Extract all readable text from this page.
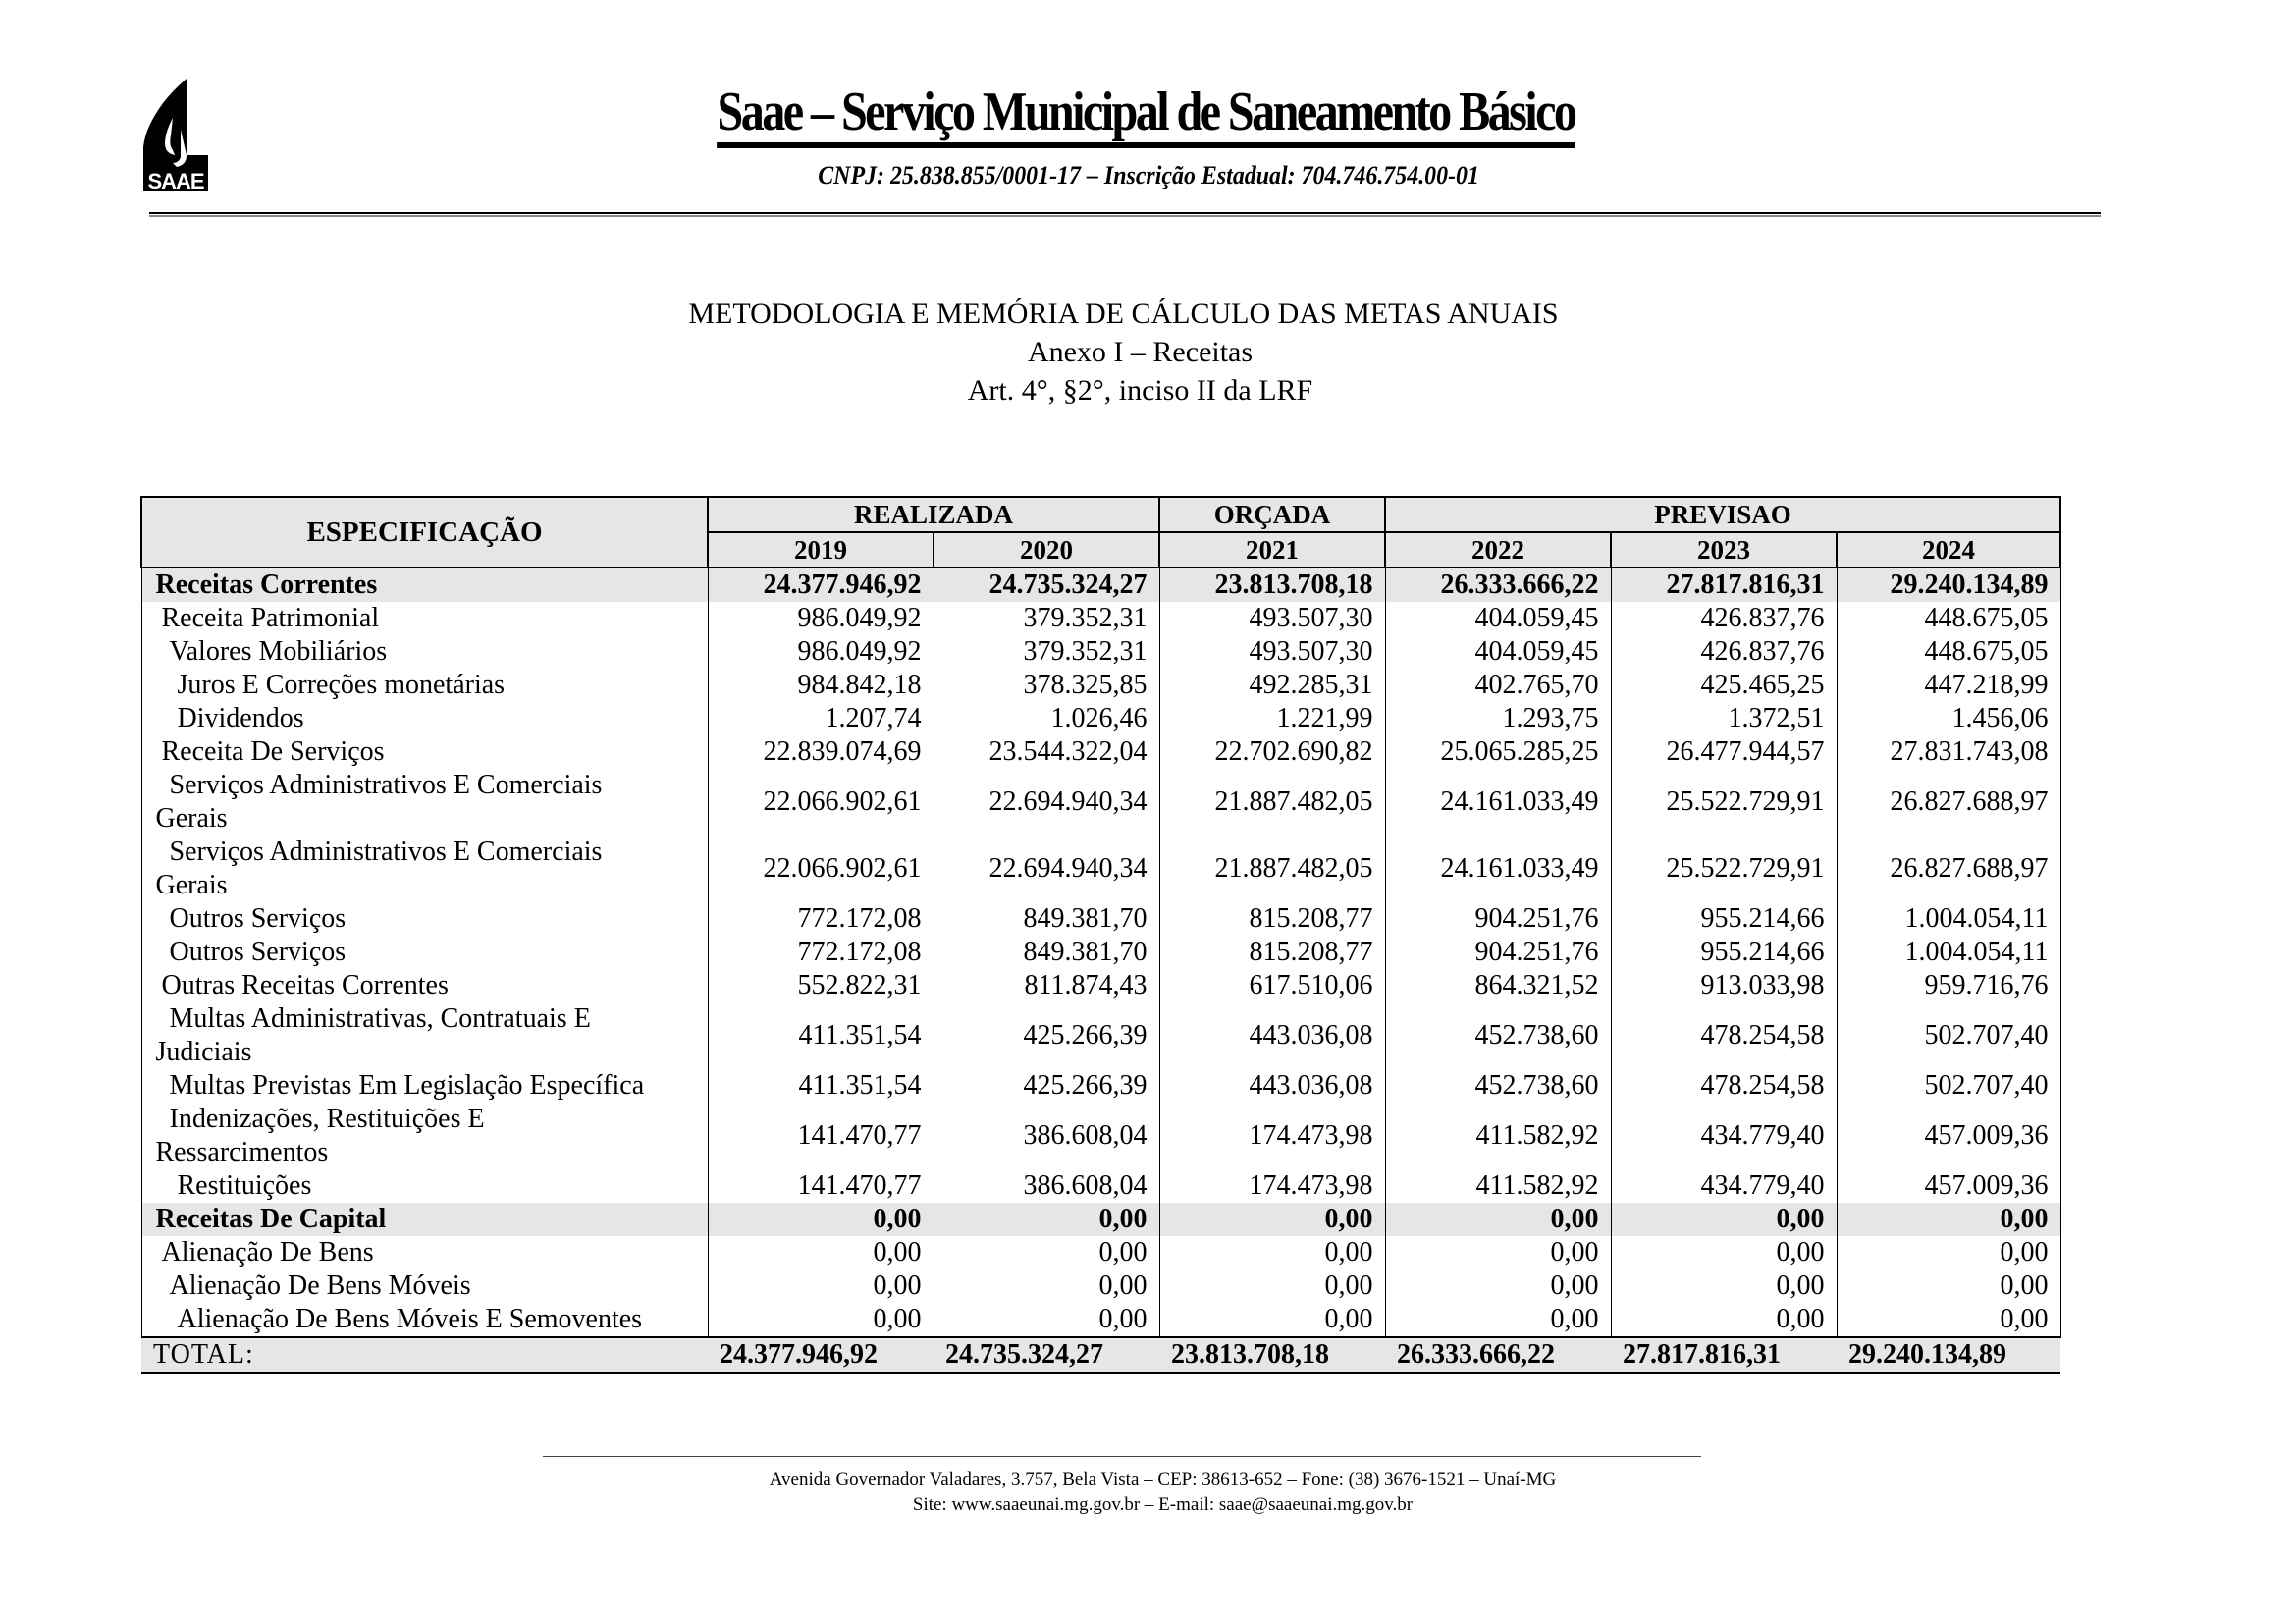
SAAE
Saae – Serviço Municipal de Saneamento Básico
CNPJ: 25.838.855/0001-17 – Inscrição Estadual: 704.746.754.00-01
METODOLOGIA E MEMÓRIA DE CÁLCULO DAS METAS ANUAIS
Anexo I – Receitas
Art. 4°, §2°, inciso II da LRF
ESPECIFICAÇÃO	REALIZADA		ORÇADA	PREVISAO		
	2019	2020	2021	2022	2023	2024
Receitas Correntes	24.377.946,92	24.735.324,27	23.813.708,18	26.333.666,22	27.817.816,31	29.240.134,89
Receita Patrimonial	986.049,92	379.352,31	493.507,30	404.059,45	426.837,76	448.675,05
Valores Mobiliários	986.049,92	379.352,31	493.507,30	404.059,45	426.837,76	448.675,05
Juros E Correções monetárias	984.842,18	378.325,85	492.285,31	402.765,70	425.465,25	447.218,99
Dividendos	1.207,74	1.026,46	1.221,99	1.293,75	1.372,51	1.456,06
Receita De Serviços	22.839.074,69	23.544.322,04	22.702.690,82	25.065.285,25	26.477.944,57	27.831.743,08

Serviços Administrativos E Comerciais
Gerais	22.066.902,61	22.694.940,34	21.887.482,05	24.161.033,49	25.522.729,91	26.827.688,97

Serviços Administrativos E Comerciais
Gerais	22.066.902,61	22.694.940,34	21.887.482,05	24.161.033,49	25.522.729,91	26.827.688,97
Outros Serviços	772.172,08	849.381,70	815.208,77	904.251,76	955.214,66	1.004.054,11
Outros Serviços	772.172,08	849.381,70	815.208,77	904.251,76	955.214,66	1.004.054,11
Outras Receitas Correntes	552.822,31	811.874,43	617.510,06	864.321,52	913.033,98	959.716,76

Multas Administrativas, Contratuais E
Judiciais	411.351,54	425.266,39	443.036,08	452.738,60	478.254,58	502.707,40
Multas Previstas Em Legislação Específica	411.351,54	425.266,39	443.036,08	452.738,60	478.254,58	502.707,40

Indenizações, Restituições E
Ressarcimentos	141.470,77	386.608,04	174.473,98	411.582,92	434.779,40	457.009,36
Restituições	141.470,77	386.608,04	174.473,98	411.582,92	434.779,40	457.009,36
Receitas De Capital	0,00	0,00	0,00	0,00	0,00	0,00
Alienação De Bens	0,00	0,00	0,00	0,00	0,00	0,00
Alienação De Bens Móveis	0,00	0,00	0,00	0,00	0,00	0,00
Alienação De Bens Móveis E Semoventes	0,00	0,00	0,00	0,00	0,00	0,00
TOTAL:	24.377.946,92	24.735.324,27	23.813.708,18	26.333.666,22	27.817.816,31	29.240.134,89
Avenida Governador Valadares, 3.757, Bela Vista – CEP: 38613-652 – Fone: (38) 3676-1521 – Unaí-MG
Site: www.saaeunai.mg.gov.br – E-mail: saae@saaeunai.mg.gov.br
